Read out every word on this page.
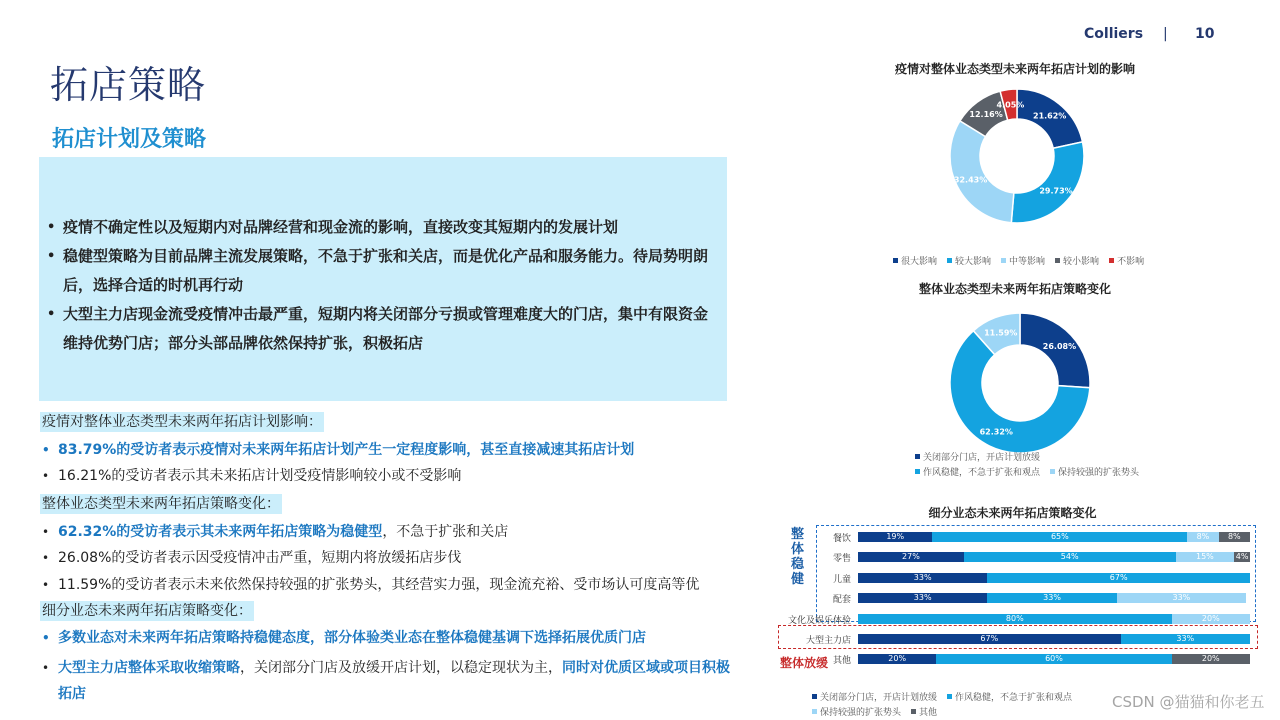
Colliers | 10
拓店策略
拓店计划及策略
• 疫情不确定性以及短期内对品牌经营和现金流的影响，直接改变其短期内的发展计划
• 稳健型策略为目前品牌主流发展策略，不急于扩张和关店，而是优化产品和服务能力。待局势明朗后，选择合适的时机再行动
• 大型主力店现金流受疫情冲击最严重，短期内将关闭部分亏损或管理难度大的门店，集中有限资金维持优势门店；部分头部品牌依然保持扩张，积极拓店
疫情对整体业态类型未来两年拓店计划影响：
• 83.79%的受访者表示疫情对未来两年拓店计划产生一定程度影响，甚至直接减速其拓店计划
• 16.21%的受访者表示其未来拓店计划受疫情影响较小或不受影响
整体业态类型未来两年拓店策略变化：
• 62.32%的受访者表示其未来两年拓店策略为稳健型，不急于扩张和关店
• 26.08%的受访者表示因受疫情冲击严重，短期内将放缓拓店步伐
• 11.59%的受访者表示未来依然保持较强的扩张势头，其经营实力强，现金流充裕、受市场认可度高等优
细分业态未来两年拓店策略变化：
• 多数业态对未来两年拓店策略持稳健态度，部分体验类业态在整体稳健基调下选择拓展优质门店
• 大型主力店整体采取收缩策略，关闭部分门店及放缓开店计划，以稳定现状为主，同时对优质区域或项目积极拓店
疫情对整体业态类型未来两年拓店计划的影响
21.62%
29.73%
32.43%
12.16%
4.05%
很大影响 较大影响 中等影响 较小影响 不影响
整体业态类型未来两年拓店策略变化
26.08%
62.32%
11.59%
关闭部分门店，开店计划放缓
作风稳健，不急于扩张和观点 保持较强的扩张势头
细分业态未来两年拓店策略变化
整
体
稳
健
整体放缓
餐饮	19%	65%	8%	8%
零售	27%	54%	15%	4%
儿童	33%	67%
配套	33%	33%	33%
文化及娱乐体验	80%	20%
大型主力店	67%	33%
其他	20%	60%	20%
关闭部分门店，开店计划放缓 作风稳健，不急于扩张和观点
保持较强的扩张势头 其他
CSDN @猫猫和你老五
